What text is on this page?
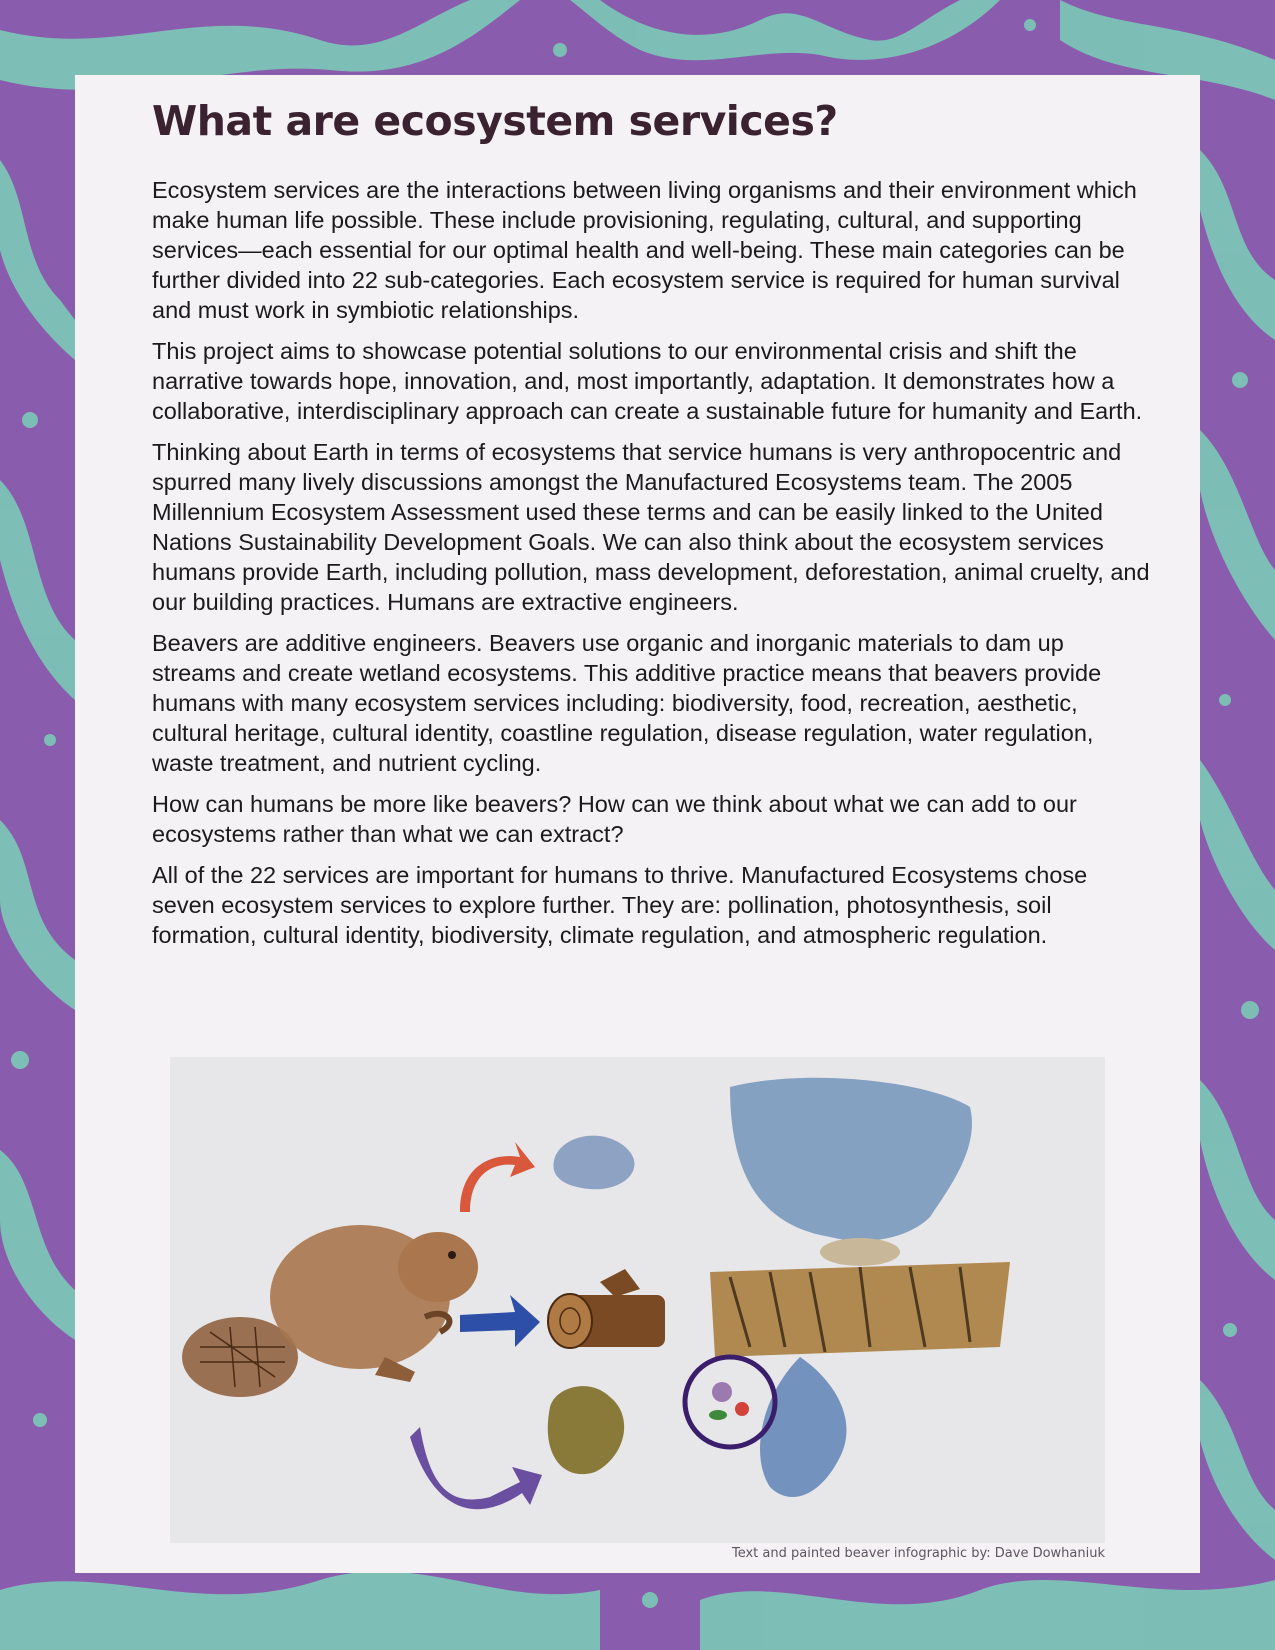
What are ecosystem services?

Ecosystem services are the interactions between living organisms and their environment which make human life possible. These include provisioning, regulating, cultural, and supporting services—each essential for our optimal health and well-being. These main categories can be further divided into 22 sub-categories. Each ecosystem service is required for human survival and must work in symbiotic relationships.

This project aims to showcase potential solutions to our environmental crisis and shift the narrative towards hope, innovation, and, most importantly, adaptation. It demonstrates how a collaborative, interdisciplinary approach can create a sustainable future for humanity and Earth.

Thinking about Earth in terms of ecosystems that service humans is very anthropocentric and spurred many lively discussions amongst the Manufactured Ecosystems team. The 2005 Millennium Ecosystem Assessment used these terms and can be easily linked to the United Nations Sustainability Development Goals. We can also think about the ecosystem services humans provide Earth, including pollution, mass development, deforestation, animal cruelty, and our building practices. Humans are extractive engineers.

Beavers are additive engineers. Beavers use organic and inorganic materials to dam up streams and create wetland ecosystems. This additive practice means that beavers provide humans with many ecosystem services including: biodiversity, food, recreation, aesthetic, cultural heritage, cultural identity, coastline regulation, disease regulation, water regulation, waste treatment, and nutrient cycling.

How can humans be more like beavers? How can we think about what we can add to our ecosystems rather than what we can extract?

All of the 22 services are important for humans to thrive. Manufactured Ecosystems chose seven ecosystem services to explore further. They are: pollination, photosynthesis, soil formation, cultural identity, biodiversity, climate regulation, and atmospheric regulation.

Text and painted beaver infographic by: Dave Dowhaniuk
